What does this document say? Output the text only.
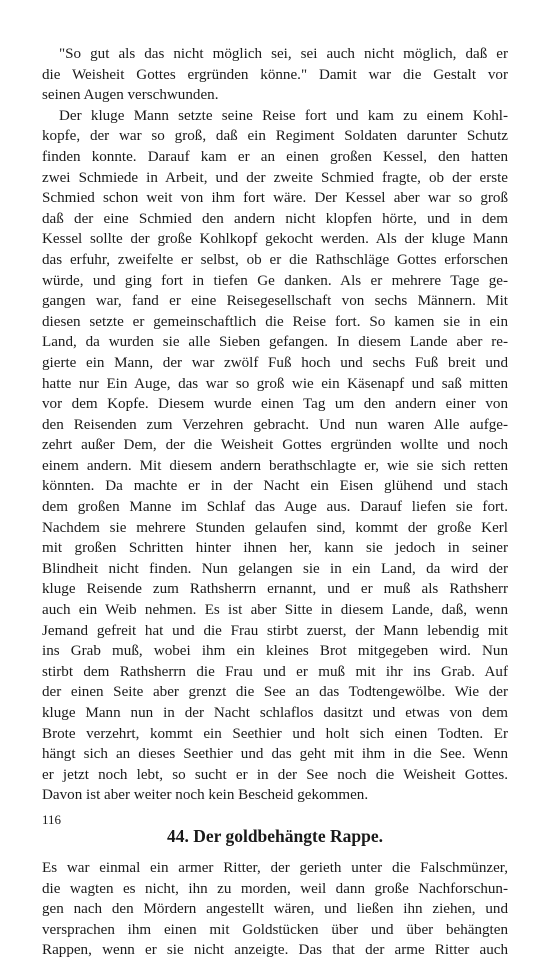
"So gut als das nicht möglich sei, sei auch nicht möglich, daß er
die Weisheit Gottes ergründen könne." Damit war die Gestalt vor
seinen Augen verschwunden.
Der kluge Mann setzte seine Reise fort und kam zu einem Kohl-
kopfe, der war so groß, daß ein Regiment Soldaten darunter Schutz
finden konnte. Darauf kam er an einen großen Kessel, den hatten
zwei Schmiede in Arbeit, und der zweite Schmied fragte, ob der erste
Schmied schon weit von ihm fort wäre. Der Kessel aber war so groß
daß der eine Schmied den andern nicht klopfen hörte, und in dem
Kessel sollte der große Kohlkopf gekocht werden. Als der kluge Mann
das erfuhr, zweifelte er selbst, ob er die Rathschläge Gottes erforschen
würde, und ging fort in tiefen Ge danken. Als er mehrere Tage ge-
gangen war, fand er eine Reisegesellschaft von sechs Männern. Mit
diesen setzte er gemeinschaftlich die Reise fort. So kamen sie in ein
Land, da wurden sie alle Sieben gefangen. In diesem Lande aber re-
gierte ein Mann, der war zwölf Fuß hoch und sechs Fuß breit und
hatte nur Ein Auge, das war so groß wie ein Käsenapf und saß mitten
vor dem Kopfe. Diesem wurde einen Tag um den andern einer von
den Reisenden zum Verzehren gebracht. Und nun waren Alle aufge-
zehrt außer Dem, der die Weisheit Gottes ergründen wollte und noch
einem andern. Mit diesem andern berathschlagte er, wie sie sich retten
könnten. Da machte er in der Nacht ein Eisen glühend und stach
dem großen Manne im Schlaf das Auge aus. Darauf liefen sie fort.
Nachdem sie mehrere Stunden gelaufen sind, kommt der große Kerl
mit großen Schritten hinter ihnen her, kann sie jedoch in seiner
Blindheit nicht finden. Nun gelangen sie in ein Land, da wird der
kluge Reisende zum Rathsherrn ernannt, und er muß als Rathsherr
auch ein Weib nehmen. Es ist aber Sitte in diesem Lande, daß, wenn
Jemand gefreit hat und die Frau stirbt zuerst, der Mann lebendig mit
ins Grab muß, wobei ihm ein kleines Brot mitgegeben wird. Nun
stirbt dem Rathsherrn die Frau und er muß mit ihr ins Grab. Auf
der einen Seite aber grenzt die See an das Todtengewölbe. Wie der
kluge Mann nun in der Nacht schlaflos dasitzt und etwas von dem
Brote verzehrt, kommt ein Seethier und holt sich einen Todten. Er
hängt sich an dieses Seethier und das geht mit ihm in die See. Wenn
er jetzt noch lebt, so sucht er in der See noch die Weisheit Gottes.
Davon ist aber weiter noch kein Bescheid gekommen.
44. Der goldbehängte Rappe.
Es war einmal ein armer Ritter, der gerieth unter die Falschmünzer,
die wagten es nicht, ihn zu morden, weil dann große Nachforschun-
gen nach den Mördern angestellt wären, und ließen ihn ziehen, und
versprachen ihm einen mit Goldstücken über und über behängten
Rappen, wenn er sie nicht anzeigte. Das that der arme Ritter auch
116
